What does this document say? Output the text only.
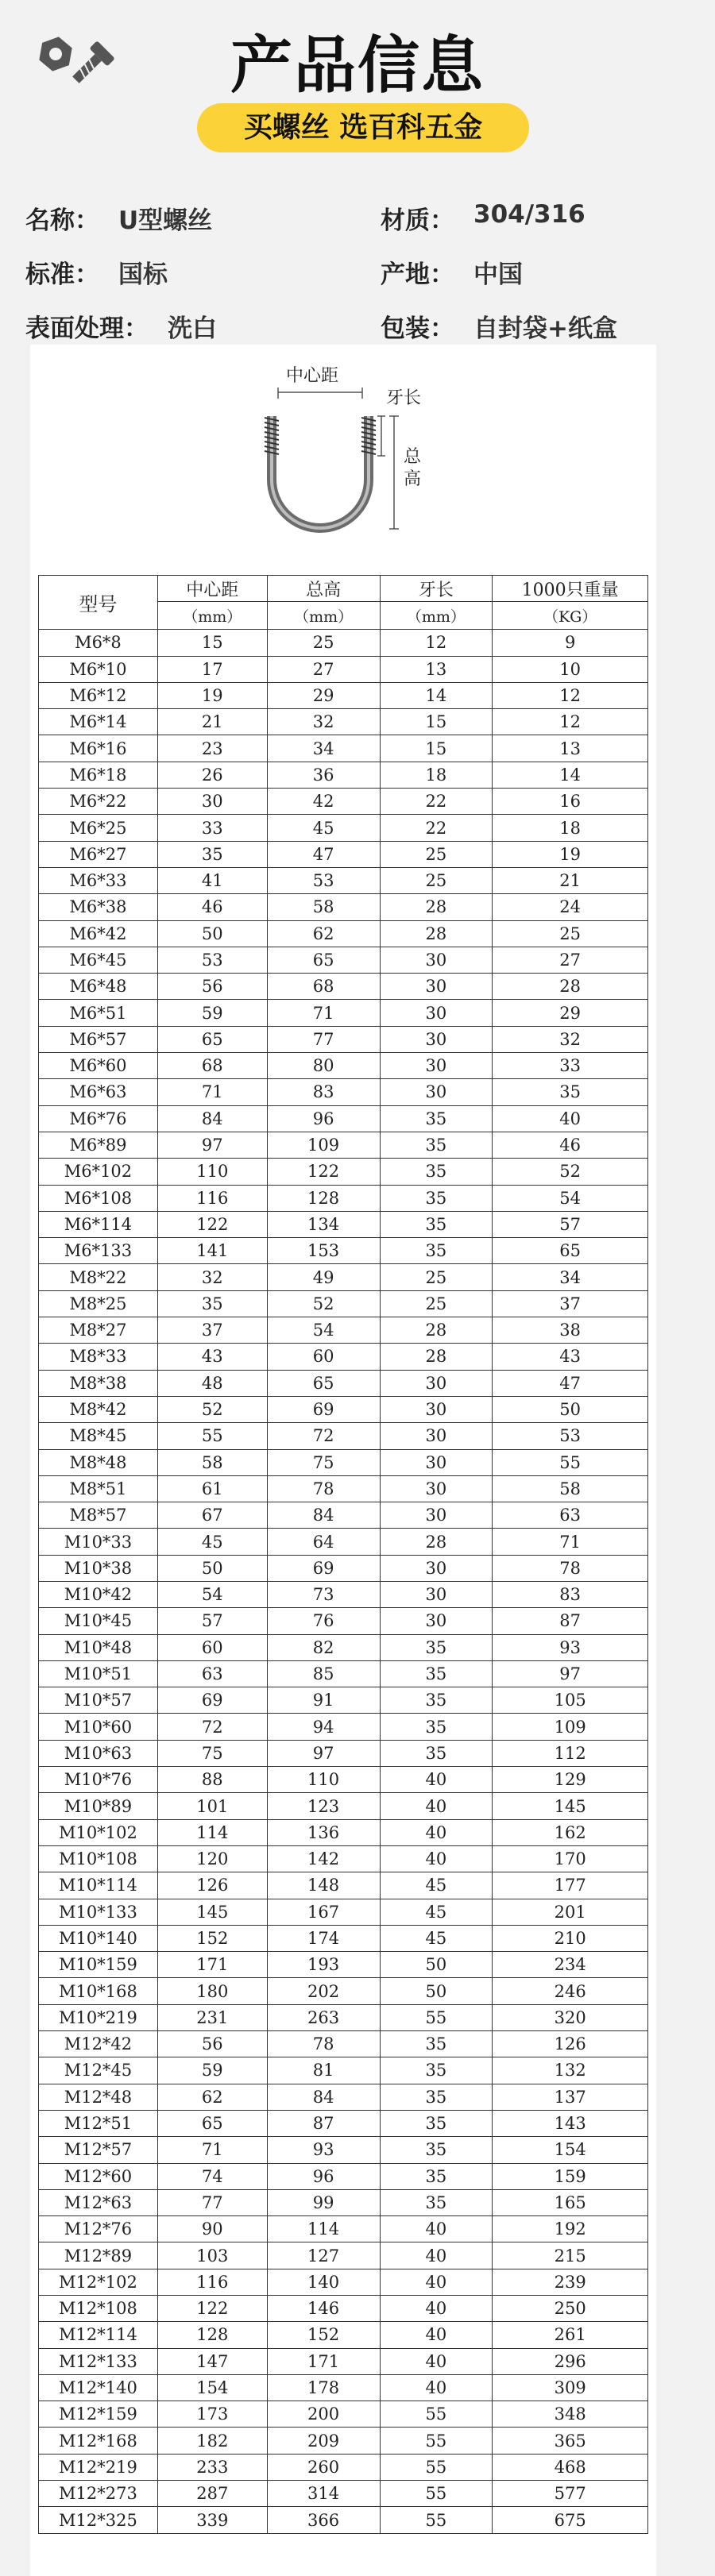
产品信息
买螺丝 选百科五金
名称： U型螺丝	材质： 304/316
标准： 国标	产地： 中国
表面处理： 洗白	包装： 自封袋+纸盒
中心距
牙长
总
高
型号	中心距	总高	牙长	1000只重量
	（mm）	（mm）	（mm）	（KG）
M6*8	15	25	12	9
M6*10	17	27	13	10
M6*12	19	29	14	12
M6*14	21	32	15	12
M6*16	23	34	15	13
M6*18	26	36	18	14
M6*22	30	42	22	16
M6*25	33	45	22	18
M6*27	35	47	25	19
M6*33	41	53	25	21
M6*38	46	58	28	24
M6*42	50	62	28	25
M6*45	53	65	30	27
M6*48	56	68	30	28
M6*51	59	71	30	29
M6*57	65	77	30	32
M6*60	68	80	30	33
M6*63	71	83	30	35
M6*76	84	96	35	40
M6*89	97	109	35	46
M6*102	110	122	35	52
M6*108	116	128	35	54
M6*114	122	134	35	57
M6*133	141	153	35	65
M8*22	32	49	25	34
M8*25	35	52	25	37
M8*27	37	54	28	38
M8*33	43	60	28	43
M8*38	48	65	30	47
M8*42	52	69	30	50
M8*45	55	72	30	53
M8*48	58	75	30	55
M8*51	61	78	30	58
M8*57	67	84	30	63
M10*33	45	64	28	71
M10*38	50	69	30	78
M10*42	54	73	30	83
M10*45	57	76	30	87
M10*48	60	82	35	93
M10*51	63	85	35	97
M10*57	69	91	35	105
M10*60	72	94	35	109
M10*63	75	97	35	112
M10*76	88	110	40	129
M10*89	101	123	40	145
M10*102	114	136	40	162
M10*108	120	142	40	170
M10*114	126	148	45	177
M10*133	145	167	45	201
M10*140	152	174	45	210
M10*159	171	193	50	234
M10*168	180	202	50	246
M10*219	231	263	55	320
M12*42	56	78	35	126
M12*45	59	81	35	132
M12*48	62	84	35	137
M12*51	65	87	35	143
M12*57	71	93	35	154
M12*60	74	96	35	159
M12*63	77	99	35	165
M12*76	90	114	40	192
M12*89	103	127	40	215
M12*102	116	140	40	239
M12*108	122	146	40	250
M12*114	128	152	40	261
M12*133	147	171	40	296
M12*140	154	178	40	309
M12*159	173	200	55	348
M12*168	182	209	55	365
M12*219	233	260	55	468
M12*273	287	314	55	577
M12*325	339	366	55	675
